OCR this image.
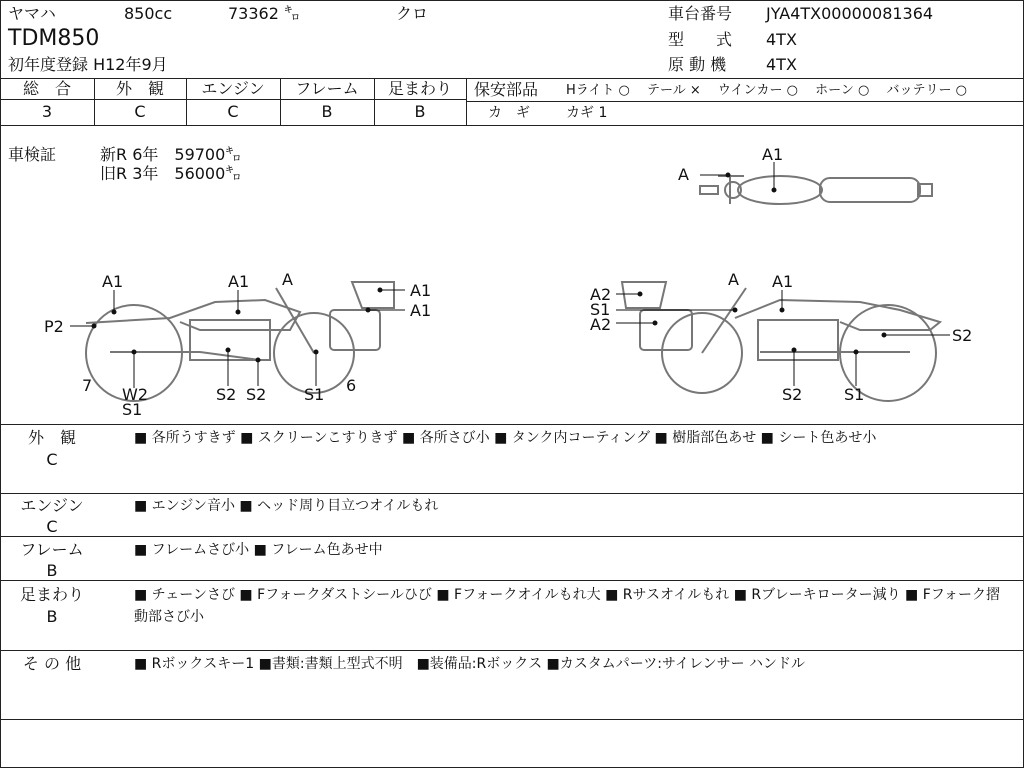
ヤマハ	850cc	73362 ㌔	クロ
TDM850
初年度登録 H12年9月
車台番号 JYA4TX00000081364
型　　式 4TX
原 動 機 4TX
総　合	外　観	エンジン	フレーム	足まわり
3	C	C	B	B
保安部品 Hライト ○　 テール ×　 ウインカー ○　 ホーン ○　 バッテリー ○
カ　ギ	カギ 1
車検証	新R 6年　59700㌔
旧R 3年　56000㌔	A
A1
A1	A1 A
A1
A1
P2
7 W2
S1
S2 S2 S1 6
A A1
A2
S1
A2
S2
S2	S1
外　観
C
■ 各所うすきず ■ スクリーンこすりきず ■ 各所さび小 ■ タンク内コーティング ■ 樹脂部色あせ ■ シート色あせ小
エンジン
C
■ エンジン音小 ■ ヘッド周り目立つオイルもれ
フレーム
B
■ フレームさび小 ■ フレーム色あせ中
足まわり
B
■ チェーンさび ■ Fフォークダストシールひび ■ Fフォークオイルもれ大 ■ Rサスオイルもれ ■ Rブレーキローター減り ■ Fフォーク摺動部さび小
そ の 他	■ Rボックスキー1 ■書類:書類上型式不明　■装備品:Rボックス ■カスタムパーツ:サイレンサー ハンドル
